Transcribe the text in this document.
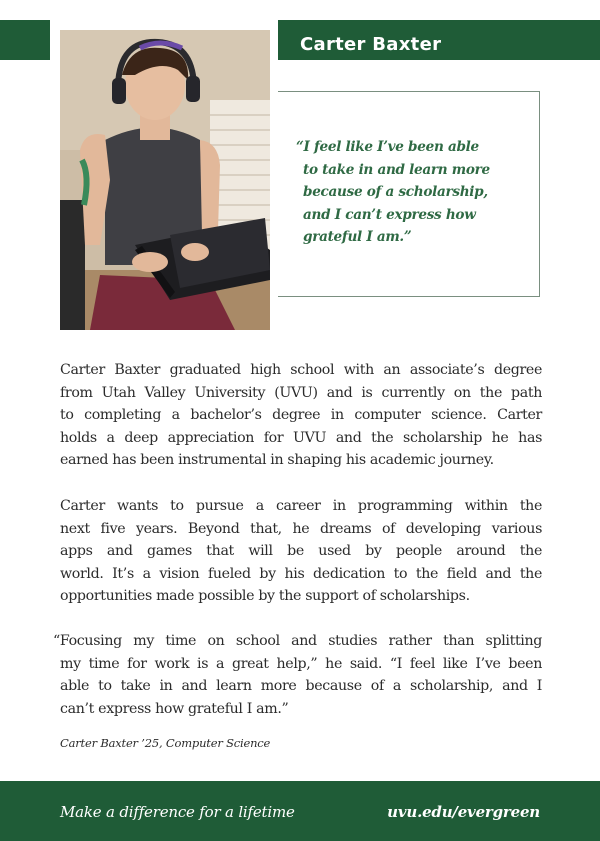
Carter Baxter
“I feel like I’ve been able
to take in and learn more
because of a scholarship,
and I can’t express how
grateful I am.”

Carter Baxter graduated high school with an associate’s degree
from Utah Valley University (UVU) and is currently on the path
to completing a bachelor’s degree in computer science. Carter
holds a deep appreciation for UVU and the scholarship he has
earned has been instrumental in shaping his academic journey.

Carter wants to pursue a career in programming within the
next five years. Beyond that, he dreams of developing various
apps and games that will be used by people around the
world. It’s a vision fueled by his dedication to the field and the
opportunities made possible by the support of scholarships.

“Focusing my time on school and studies rather than splitting
my time for work is a great help,” he said. “I feel like I’ve been
able to take in and learn more because of a scholarship, and I
can’t express how grateful I am.”

Carter Baxter ’25, Computer Science
Make a difference for a lifetime	uvu.edu/evergreen
